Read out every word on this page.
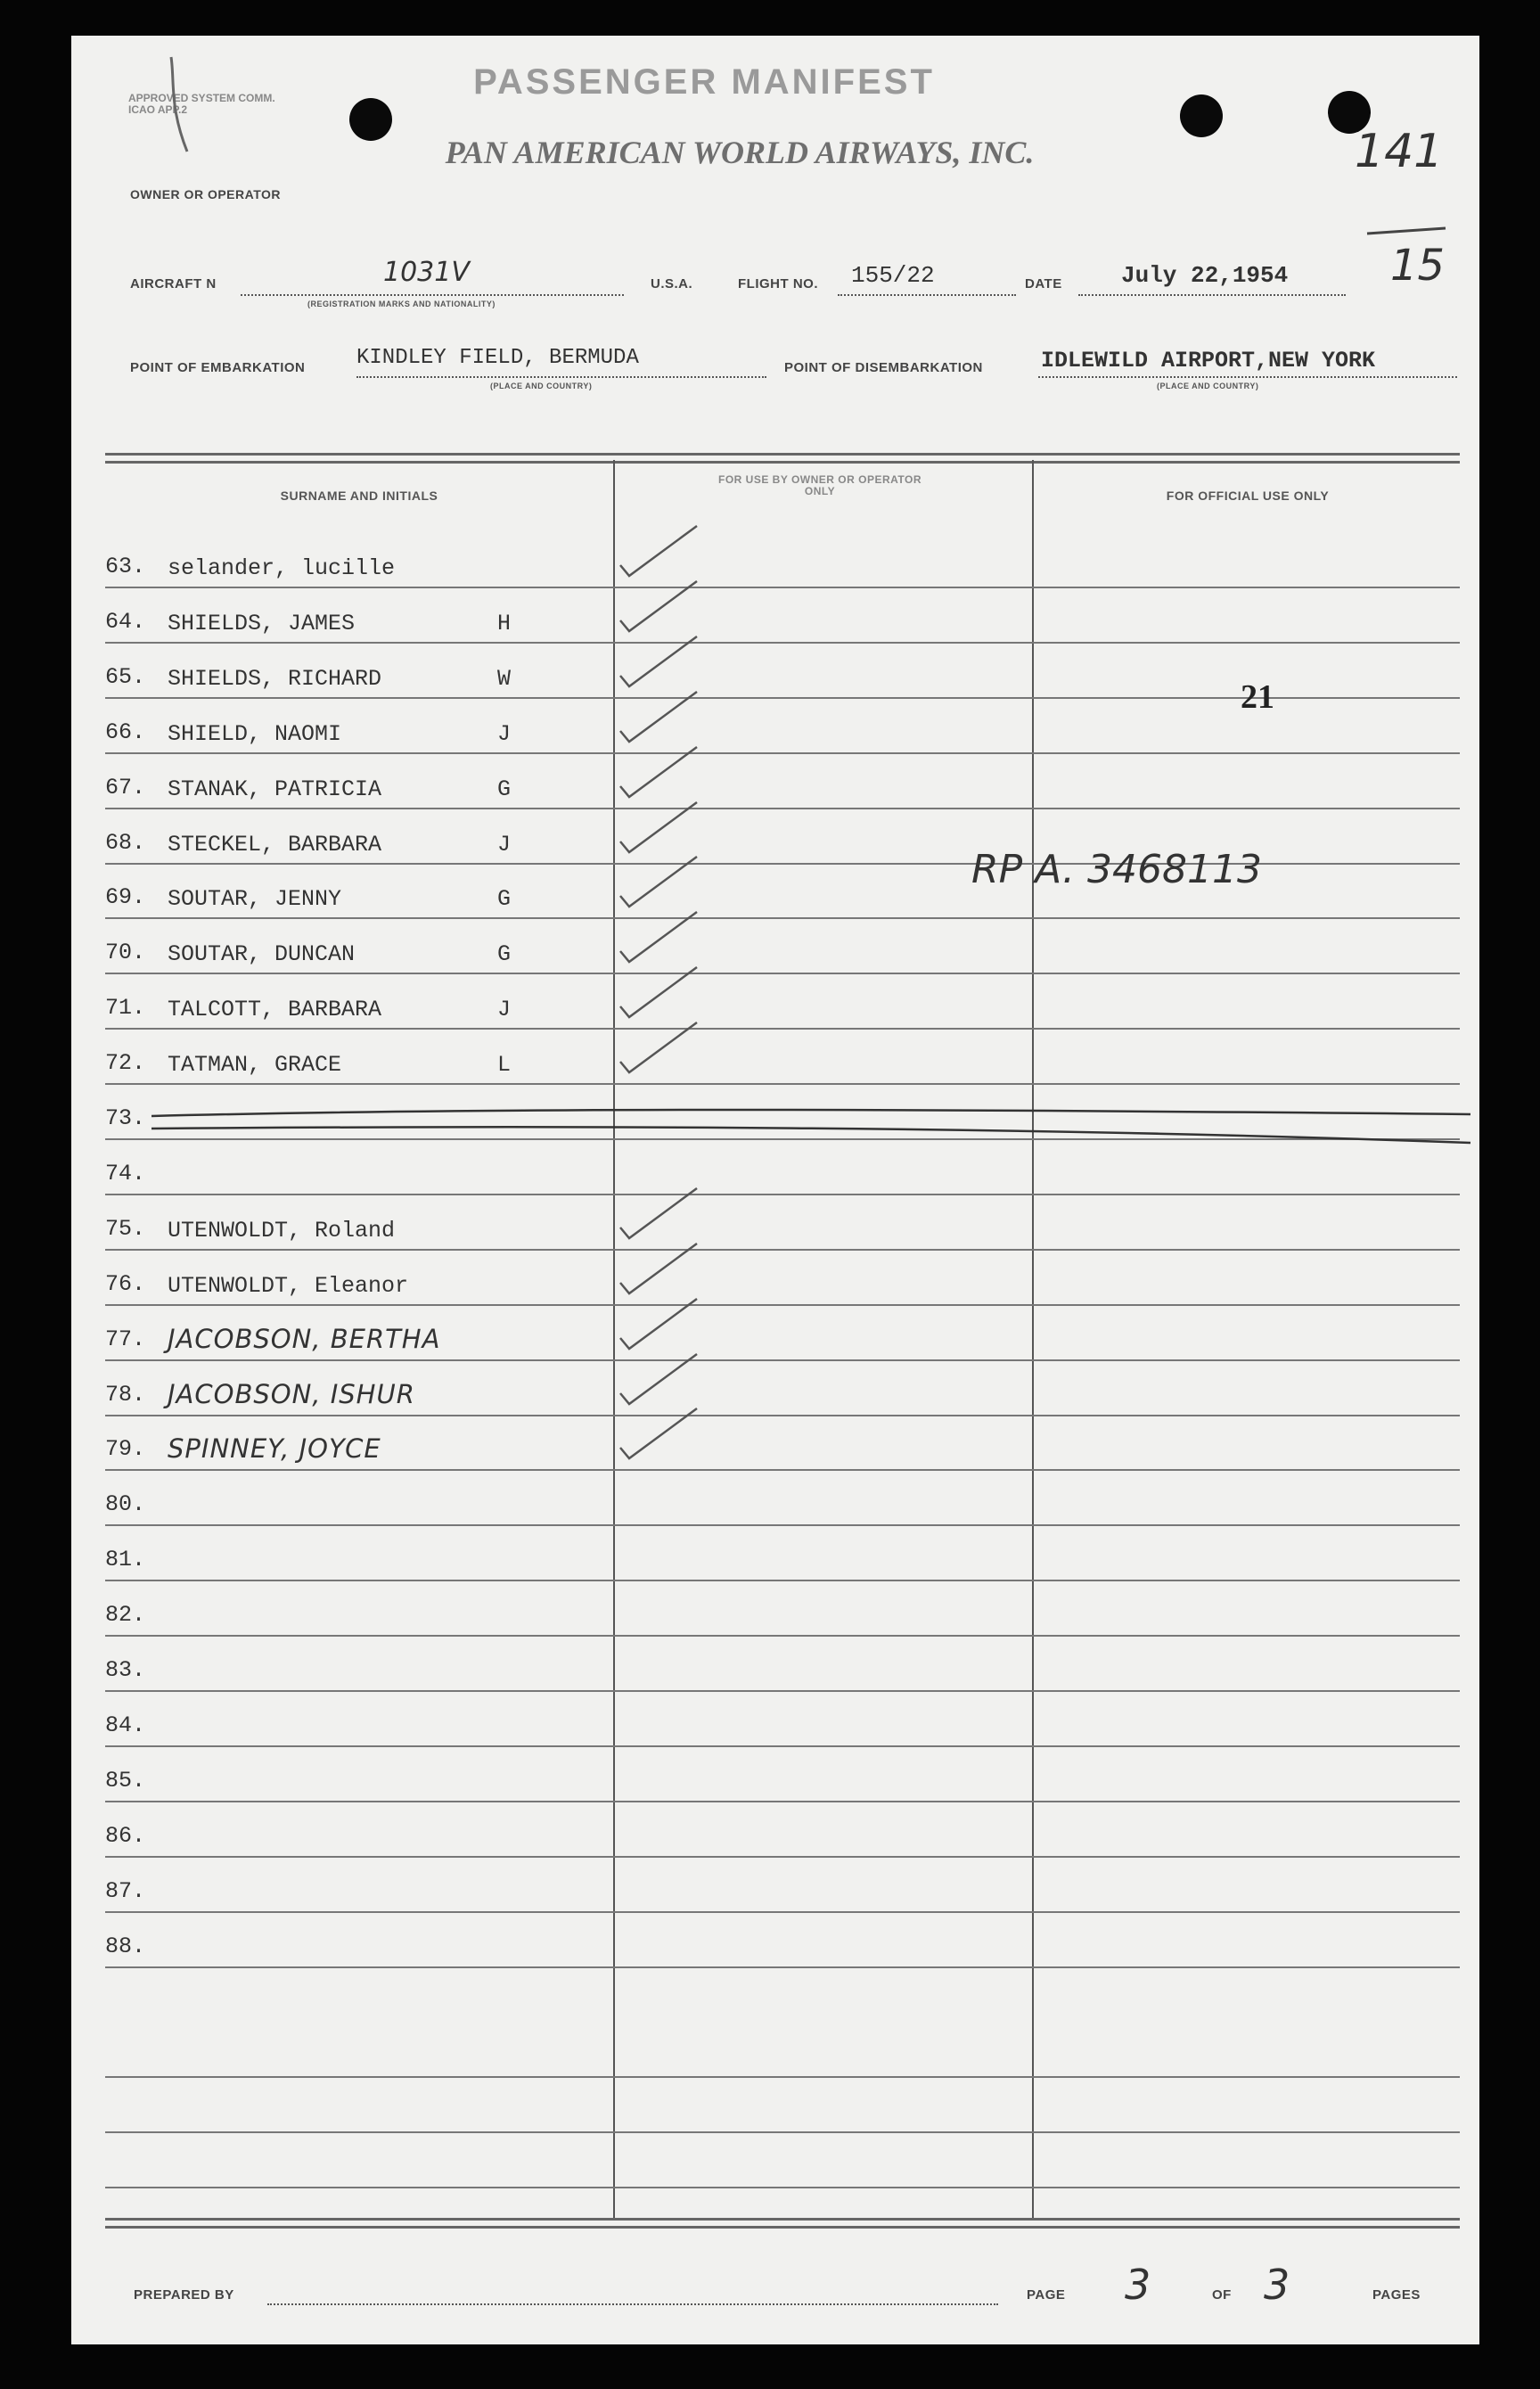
APPROVED SYSTEM COMM. ICAO APP.2
PASSENGER MANIFEST
OWNER OR OPERATOR
PAN AMERICAN WORLD AIRWAYS, INC.	141
15
AIRCRAFT N	1031V
(REGISTRATION MARKS AND NATIONALITY)
U.S.A.	FLIGHT NO. 155/22	DATE	July 22,1954
POINT OF EMBARKATION KINDLEY FIELD, BERMUDA
(PLACE AND COUNTRY)
POINT OF DISEMBARKATION	IDLEWILD AIRPORT,NEW YORK
(PLACE AND COUNTRY)
SURNAME AND INITIALS
FOR USE BY OWNER OR OPERATOR ONLY	FOR OFFICIAL USE ONLY
63. selander, lucille
64. SHIELDS, JAMES	H
65. SHIELDS, RICHARD	W
66. SHIELD, NAOMI	J
67. STANAK, PATRICIA	G
68. STECKEL, BARBARA	J
69. SOUTAR, JENNY	G
70. SOUTAR, DUNCAN	G
71. TALCOTT, BARBARA	J
72. TATMAN, GRACE	L
73.
74.
75. UTENWOLDT, Roland
76. UTENWOLDT, Eleanor
77. JACOBSON, BERTHA
78. JACOBSON, ISHUR
79. SPINNEY, JOYCE
80.
81.
82.
83.
84.
85.
86.
87.
88.
21
RP A. 3468113
PREPARED BY	PAGE 3	OF 3	PAGES
